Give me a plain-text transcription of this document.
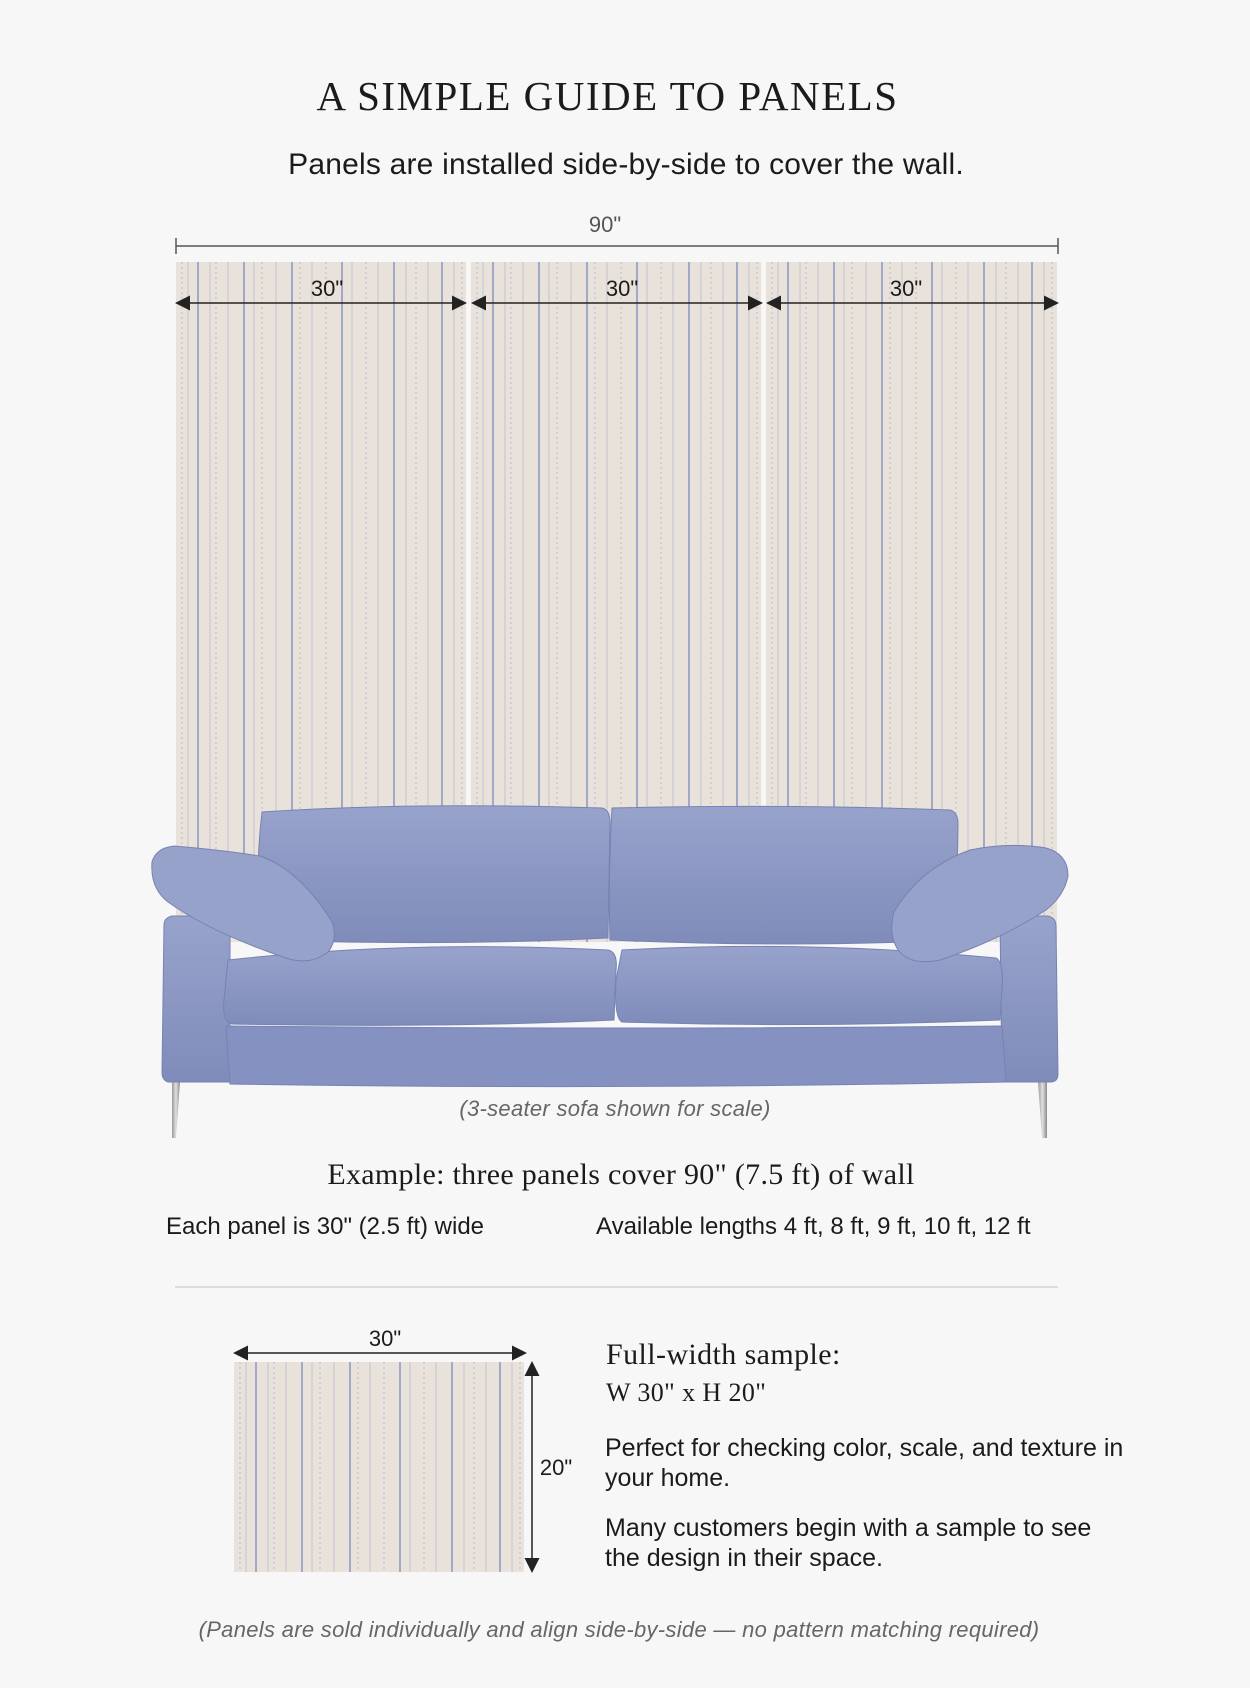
A SIMPLE GUIDE TO PANELS
Panels are installed side-by-side to cover the wall.
90"
30"	30"	30"
(3-seater sofa shown for scale)
Example: three panels cover 90" (7.5 ft) of wall
Each panel is 30" (2.5 ft) wide	Available lengths 4 ft, 8 ft, 9 ft, 10 ft, 12 ft
30"
20"
Full-width sample:
W 30" x H 20"
Perfect for checking color, scale, and texture in your home.
Many customers begin with a sample to see the design in their space.
(Panels are sold individually and align side-by-side — no pattern matching required)
